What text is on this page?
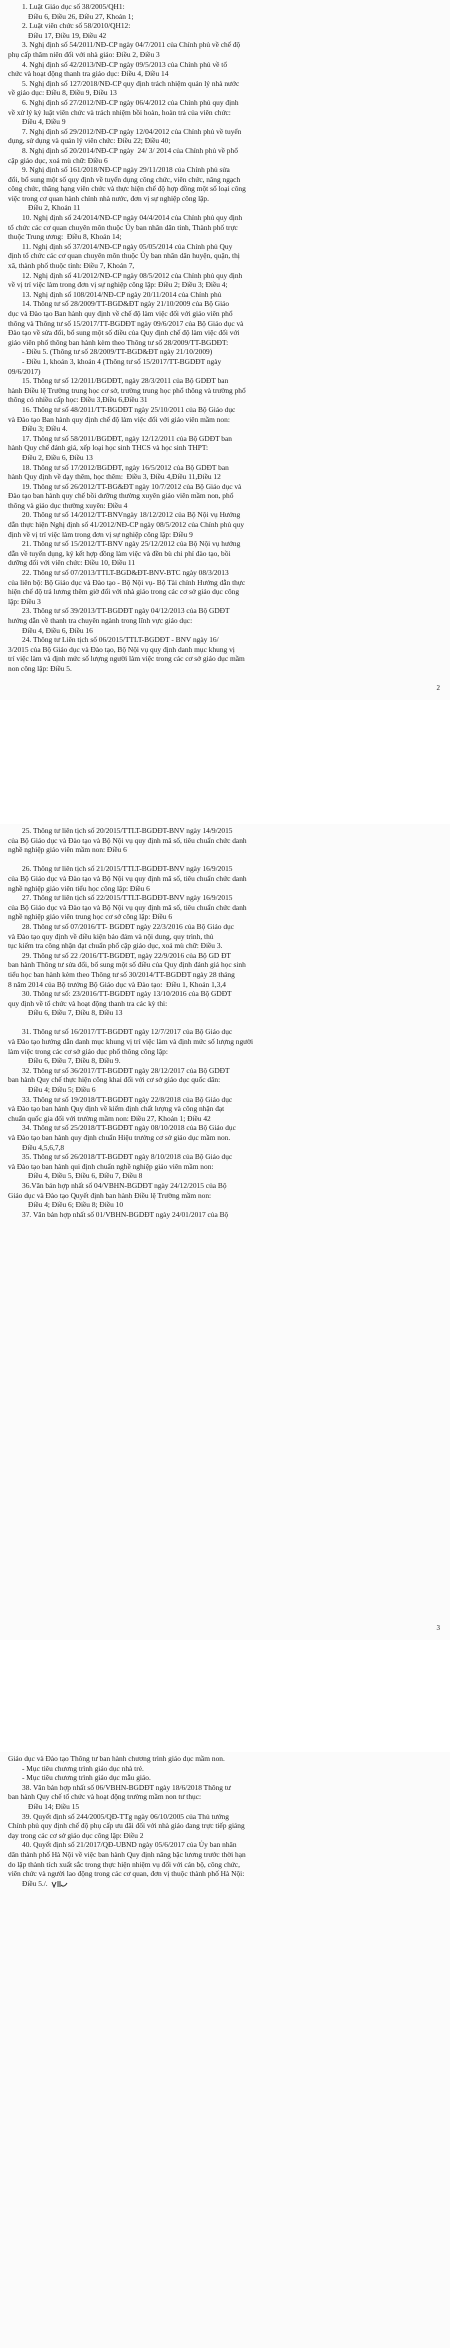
1. Luật Giáo dục số 38/2005/QH1:
Điều 6, Điều 26, Điều 27, Khoản 1;
2. Luật viên chức số 58/2010/QH12:
Điều 17, Điều 19, Điều 42
3. Nghị định số 54/2011/NĐ-CP ngày 04/7/2011 của Chính phủ về chế độ
phụ cấp thâm niên đối với nhà giáo: Điều 2, Điều 3
4. Nghị định số 42/2013/NĐ-CP ngày 09/5/2013 của Chính phủ về tổ
chức và hoạt động thanh tra giáo dục: Điều 4, Điều 14
5. Nghị định số 127/2018/NĐ-CP quy định trách nhiệm quản lý nhà nước
về giáo dục: Điều 8, Điều 9, Điều 13
6. Nghị định số 27/2012/NĐ-CP ngày 06/4/2012 của Chính phủ quy định
về xử lý kỷ luật viên chức và trách nhiệm bồi hoàn, hoàn trả của viên chức:
Điều 4, Điều 9
7. Nghị định số 29/2012/NĐ-CP ngày 12/04/2012 của Chính phủ về tuyển
dụng, sử dụng và quản lý viên chức: Điều 22; Điều 40;
8. Nghị định số 20/2014/NĐ-CP ngày  24/ 3/ 2014 của Chính phủ về phổ
cập giáo dục, xoá mù chữ: Điều 6
9. Nghị định số 161/2018/NĐ-CP ngày 29/11/2018 của Chính phủ sửa
đổi, bổ sung một số quy định về tuyển dụng công chức, viên chức, nâng ngạch
công chức, thăng hạng viên chức và thực hiện chế độ hợp đồng một số loại công
việc trong cơ quan hành chính nhà nước, đơn vị sự nghiệp công lập.
Điều 2, Khoản 11
10. Nghị định số 24/2014/NĐ-CP ngày 04/4/2014 của Chính phủ quy định
tổ chức các cơ quan chuyên môn thuộc Ủy ban nhân dân tỉnh, Thành phố trực
thuộc Trung ương:  Điều 8, Khoản 14;
11. Nghị định số 37/2014/NĐ-CP ngày 05/05/2014 của Chính phủ Quy
định tổ chức các cơ quan chuyên môn thuộc Ủy ban nhân dân huyện, quận, thị
xã, thành phố thuộc tỉnh: Điều 7, Khoản 7,
12. Nghị định số 41/2012/NĐ-CP ngày 08/5/2012 của Chính phủ quy định
về vị trí việc làm trong đơn vị sự nghiệp công lập: Điều 2; Điều 3; Điều 4;
13. Nghị định số 108/2014/NĐ-CP ngày 20/11/2014 của Chính phủ
14. Thông tư số 28/2009/TT-BGD&ĐT ngày 21/10/2009 của Bộ Giáo
dục và Đào tạo Ban hành quy định về chế độ làm việc đối với giáo viên phổ
thông và Thông tư số 15/2017/TT-BGDĐT ngày 09/6/2017 của Bộ Giáo dục và
Đào tạo về sửa đổi, bổ sung một số điều của Quy định chế độ làm việc đối với
giáo viên phổ thông ban hành kèm theo Thông tư số 28/2009/TT-BGDĐT:
- Điều 5. (Thông tư số 28/2009/TT-BGD&ĐT ngày 21/10/2009)
- Điều 1, khoản 3, khoản 4 (Thông tư số 15/2017/TT-BGDĐT ngày
09/6/2017)
15. Thông tư số 12/2011/BGDĐT, ngày 28/3/2011 của Bộ GDĐT ban
hành Điều lệ Trường trung học cơ sở, trường trung học phổ thông và trường phổ
thông có nhiều cấp học: Điều 3,Điều 6,Điều 31
16. Thông tư số 48/2011/TT-BGDĐT ngày 25/10/2011 của Bộ Giáo dục
và Đào tạo Ban hành quy định chế độ làm việc đối với giáo viên mầm non:
Điều 3; Điều 4.
17. Thông tư số 58/2011/BGDĐT, ngày 12/12/2011 của Bộ GDĐT ban
hành Quy chế đánh giá, xếp loại học sinh THCS và học sinh THPT:
Điều 2, Điều 6, Điều 13
18. Thông tư số 17/2012/BGDĐT, ngày 16/5/2012 của Bộ GDĐT ban
hành Quy định về dạy thêm, học thêm:  Điều 3, Điều 4,Điều 11,Điều 12
19. Thông tư số 26/2012/TT-BG&ĐT ngày 10/7/2012 của Bộ Giáo dục và
Đào tạo ban hành quy chế bồi dưỡng thường xuyên giáo viên mầm non, phổ
thông và giáo dục thường xuyên: Điều 4
20. Thông tư số 14/2012/TT-BNVngày 18/12/2012 của Bộ Nội vụ Hướng
dẫn thực hiện Nghị định số 41/2012/NĐ-CP ngày 08/5/2012 của Chính phủ quy
định về vị trí việc làm trong đơn vị sự nghiệp công lập: Điều 9
21. Thông tư số 15/2012/TT-BNV ngày 25/12/2012 của Bộ Nội vụ hướng
dẫn về tuyển dụng, ký kết hợp đồng làm việc và đền bù chi phí đào tạo, bồi
dưỡng đối với viên chức: Điều 10, Điều 11
22. Thông tư số 07/2013/TTLT-BGD&ĐT-BNV-BTC ngày 08/3/2013
của liên bộ: Bộ Giáo dục và Đào tạo - Bộ Nội vụ- Bộ Tài chính Hướng dẫn thực
hiện chế độ trả lương thêm giờ đối với nhà giáo trong các cơ sở giáo dục công
lập: Điều 3
23. Thông tư số 39/2013/TT-BGDĐT ngày 04/12/2013 của Bộ GDĐT
hướng dẫn về thanh tra chuyên ngành trong lĩnh vực giáo dục:
Điều 4, Điều 6, Điều 16
24. Thông tư Liên tịch số 06/2015/TTLT-BGDĐT - BNV ngày 16/
3/2015 của Bộ Giáo dục và Đào tạo, Bộ Nội vụ quy định danh mục khung vị
trí việc làm và định mức số lượng người làm việc trong các cơ sở giáo dục mầm
non công lập: Điều 5.
2
25. Thông tư liên tịch số 20/2015/TTLT-BGDĐT-BNV ngày 14/9/2015
của Bộ Giáo dục và Đào tạo và Bộ Nội vụ quy định mã số, tiêu chuẩn chức danh
nghề nghiệp giáo viên mầm non: Điều 6

26. Thông tư liên tịch số 21/2015/TTLT-BGDĐT-BNV ngày 16/9/2015
của Bộ Giáo dục và Đào tạo và Bộ Nội vụ quy định mã số, tiêu chuẩn chức danh
nghề nghiệp giáo viên tiểu học công lập: Điều 6
27. Thông tư liên tịch số 22/2015/TTLT-BGDĐT-BNV ngày 16/9/2015
của Bộ Giáo dục và Đào tạo và Bộ Nội vụ quy định mã số, tiêu chuẩn chức danh
nghề nghiệp giáo viên trung học cơ sở công lập: Điều 6
28. Thông tư số 07/2016/TT- BGDĐT ngày 22/3/2016 của Bộ Giáo dục
và Đào tạo quy định về điều kiện bảo đảm và nội dung, quy trình, thủ
tục kiểm tra công nhận đạt chuẩn phổ cập giáo dục, xoá mù chữ: Điều 3.
29. Thông tư số 22 /2016/TT-BGDĐT, ngày 22/9/2016 của Bộ GD ĐT
ban hành Thông tư sửa đổi, bổ sung một số điều của Quy định đánh giá học sinh
tiểu học ban hành kèm theo Thông tư số 30/2014/TT-BGDĐT ngày 28 tháng
8 năm 2014 của Bộ trưởng Bộ Giáo dục và Đào tạo:  Điều 1, Khoản 1,3,4
30. Thông tư số: 23/2016/TT-BGDĐT ngày 13/10/2016 của Bộ GDĐT
quy định về tổ chức và hoạt động thanh tra các kỳ thi:
Điều 6, Điều 7, Điều 8, Điều 13

31. Thông tư số 16/2017/TT-BGDĐT ngày 12/7/2017 của Bộ Giáo dục
và Đào tạo hướng dẫn danh mục khung vị trí việc làm và định mức số lượng người
làm việc trong các cơ sở giáo dục phổ thông công lập:
Điều 6, Điều 7, Điều 8, Điều 9.
32. Thông tư số 36/2017/TT-BGDĐT ngày 28/12/2017 của Bộ GDĐT
ban hành Quy chế thực hiện công khai đối với cơ sở giáo dục quốc dân:
Điều 4; Điều 5; Điều 6
33. Thông tư số 19/2018/TT-BGDĐT ngày 22/8/2018 của Bộ Giáo dục
và Đào tạo ban hành Quy định về kiểm định chất lượng và công nhận đạt
chuẩn quốc gia đối với trường mầm non: Điều 27, Khoản 1; Điều 42
34. Thông tư số 25/2018/TT-BGDĐT ngày 08/10/2018 của Bộ Giáo dục
và Đào tạo ban hành quy định chuẩn Hiệu trưởng cơ sở giáo dục mầm non.
Điều 4,5,6,7,8
35. Thông tư số 26/2018/TT-BGDĐT ngày 8/10/2018 của Bộ Giáo dục
và Đào tạo ban hành qui định chuẩn nghề nghiệp giáo viên mầm non:
Điều 4, Điều 5, Điều 6, Điều 7, Điều 8
36.Văn bản hợp nhất số 04/VBHN-BGDĐT ngày 24/12/2015 của Bộ
Giáo dục và Đào tạo Quyết định ban hành Điều lệ Trường mầm non:
Điều 4; Điều 6; Điều 8; Điều 10
37. Văn bản hợp nhất số 01/VBHN-BGDĐT ngày 24/01/2017 của Bộ
3
Giáo dục và Đào tạo Thông tư ban hành chương trình giáo dục mầm non.
- Mục tiêu chương trình giáo dục nhà trẻ.
- Mục tiêu chương trình giáo dục mẫu giáo.
38. Văn bản hợp nhất số 06/VBHN-BGDĐT ngày 18/6/2018 Thông tư
ban hành Quy chế tổ chức và hoạt động trường mầm non tư thục:
Điều 14; Điều 15
39. Quyết định số 244/2005/QĐ-TTg ngày 06/10/2005 của Thủ tướng
Chính phủ quy định chế độ phụ cấp ưu đãi đối với nhà giáo đang trực tiếp giảng
dạy trong các cơ sở giáo dục công lập: Điều 2
40. Quyết định số 21/2017/QĐ-UBND ngày 05/6/2017 của Ủy ban nhân
dân thành phố Hà Nội về việc ban hành Quy định nâng bậc lương trước thời hạn
do lập thành tích xuất sắc trong thực hiện nhiệm vụ đối với cán bộ, công chức,
viên chức và người lao động trong các cơ quan, đơn vị thuộc thành phố Hà Nội:
Điều 5./.
